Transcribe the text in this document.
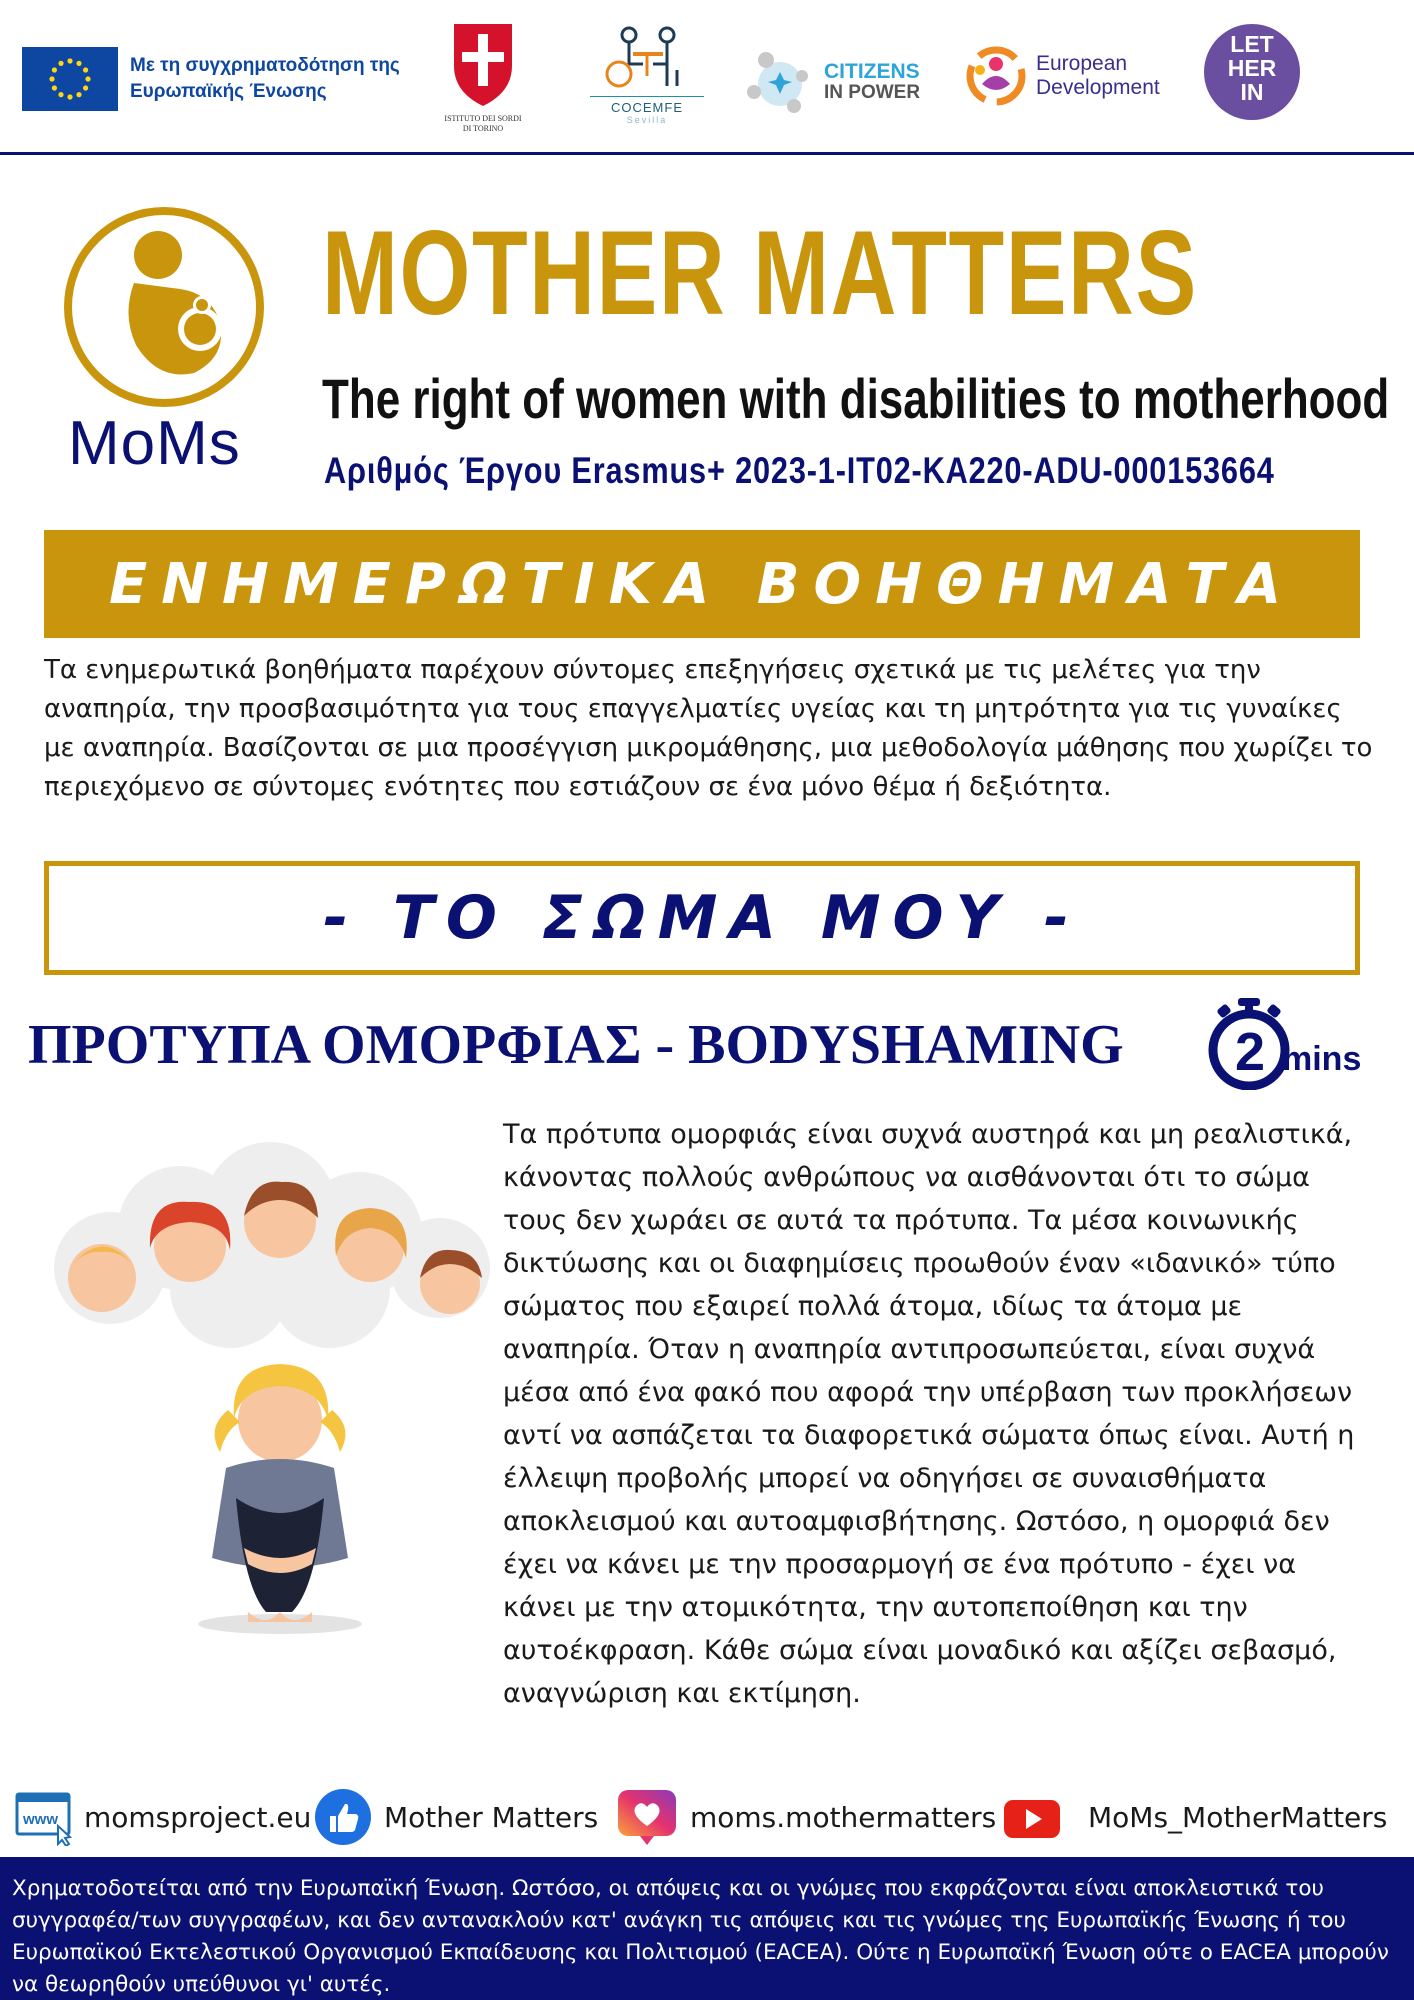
Με τη συγχρηματοδότηση της Ευρωπαϊκής Ένωσης
ISTITUTO DEI SORDI DI TORINO
COCEMFE
Sevilla
CITIZENS
IN POWER
European
Development
LET
HER
IN
MoMs
MOTHER MATTERS
The right of women with disabilities to motherhood
Αριθμός Έργου Erasmus+ 2023-1-IT02-KA220-ADU-000153664
ΕΝΗΜΕΡΩΤΙΚΑ ΒΟΗΘΗΜΑΤΑ
Τα ενημερωτικά βοηθήματα παρέχουν σύντομες επεξηγήσεις σχετικά με τις μελέτες για την αναπηρία, την προσβασιμότητα για τους επαγγελματίες υγείας και τη μητρότητα για τις γυναίκες με αναπηρία. Βασίζονται σε μια προσέγγιση μικρομάθησης, μια μεθοδολογία μάθησης που χωρίζει το περιεχόμενο σε σύντομες ενότητες που εστιάζουν σε ένα μόνο θέμα ή δεξιότητα.
- ΤΟ ΣΩΜΑ ΜΟΥ -
ΠΡΟΤΥΠΑ ΟΜΟΡΦΙΑΣ - BODYSHAMING 2 mins
Τα πρότυπα ομορφιάς είναι συχνά αυστηρά και μη ρεαλιστικά, κάνοντας πολλούς ανθρώπους να αισθάνονται ότι το σώμα τους δεν χωράει σε αυτά τα πρότυπα. Τα μέσα κοινωνικής δικτύωσης και οι διαφημίσεις προωθούν έναν «ιδανικό» τύπο σώματος που εξαιρεί πολλά άτομα, ιδίως τα άτομα με αναπηρία. Όταν η αναπηρία αντιπροσωπεύεται, είναι συχνά μέσα από ένα φακό που αφορά την υπέρβαση των προκλήσεων αντί να ασπάζεται τα διαφορετικά σώματα όπως είναι. Αυτή η έλλειψη προβολής μπορεί να οδηγήσει σε συναισθήματα αποκλεισμού και αυτοαμφισβήτησης. Ωστόσο, η ομορφιά δεν έχει να κάνει με την προσαρμογή σε ένα πρότυπο - έχει να κάνει με την ατομικότητα, την αυτοπεποίθηση και την αυτοέκφραση. Κάθε σώμα είναι μοναδικό και αξίζει σεβασμό, αναγνώριση και εκτίμηση.
www momsproject.eu	Mother Matters	moms.mothermatters	MoMs_MotherMatters
Χρηματοδοτείται από την Ευρωπαϊκή Ένωση. Ωστόσο, οι απόψεις και οι γνώμες που εκφράζονται είναι αποκλειστικά του συγγραφέα/των συγγραφέων, και δεν αντανακλούν κατ' ανάγκη τις απόψεις και τις γνώμες της Ευρωπαϊκής Ένωσης ή του Ευρωπαϊκού Εκτελεστικού Οργανισμού Εκπαίδευσης και Πολιτισμού (EACEA). Ούτε η Ευρωπαϊκή Ένωση ούτε ο EACEA μπορούν να θεωρηθούν υπεύθυνοι γι' αυτές.
